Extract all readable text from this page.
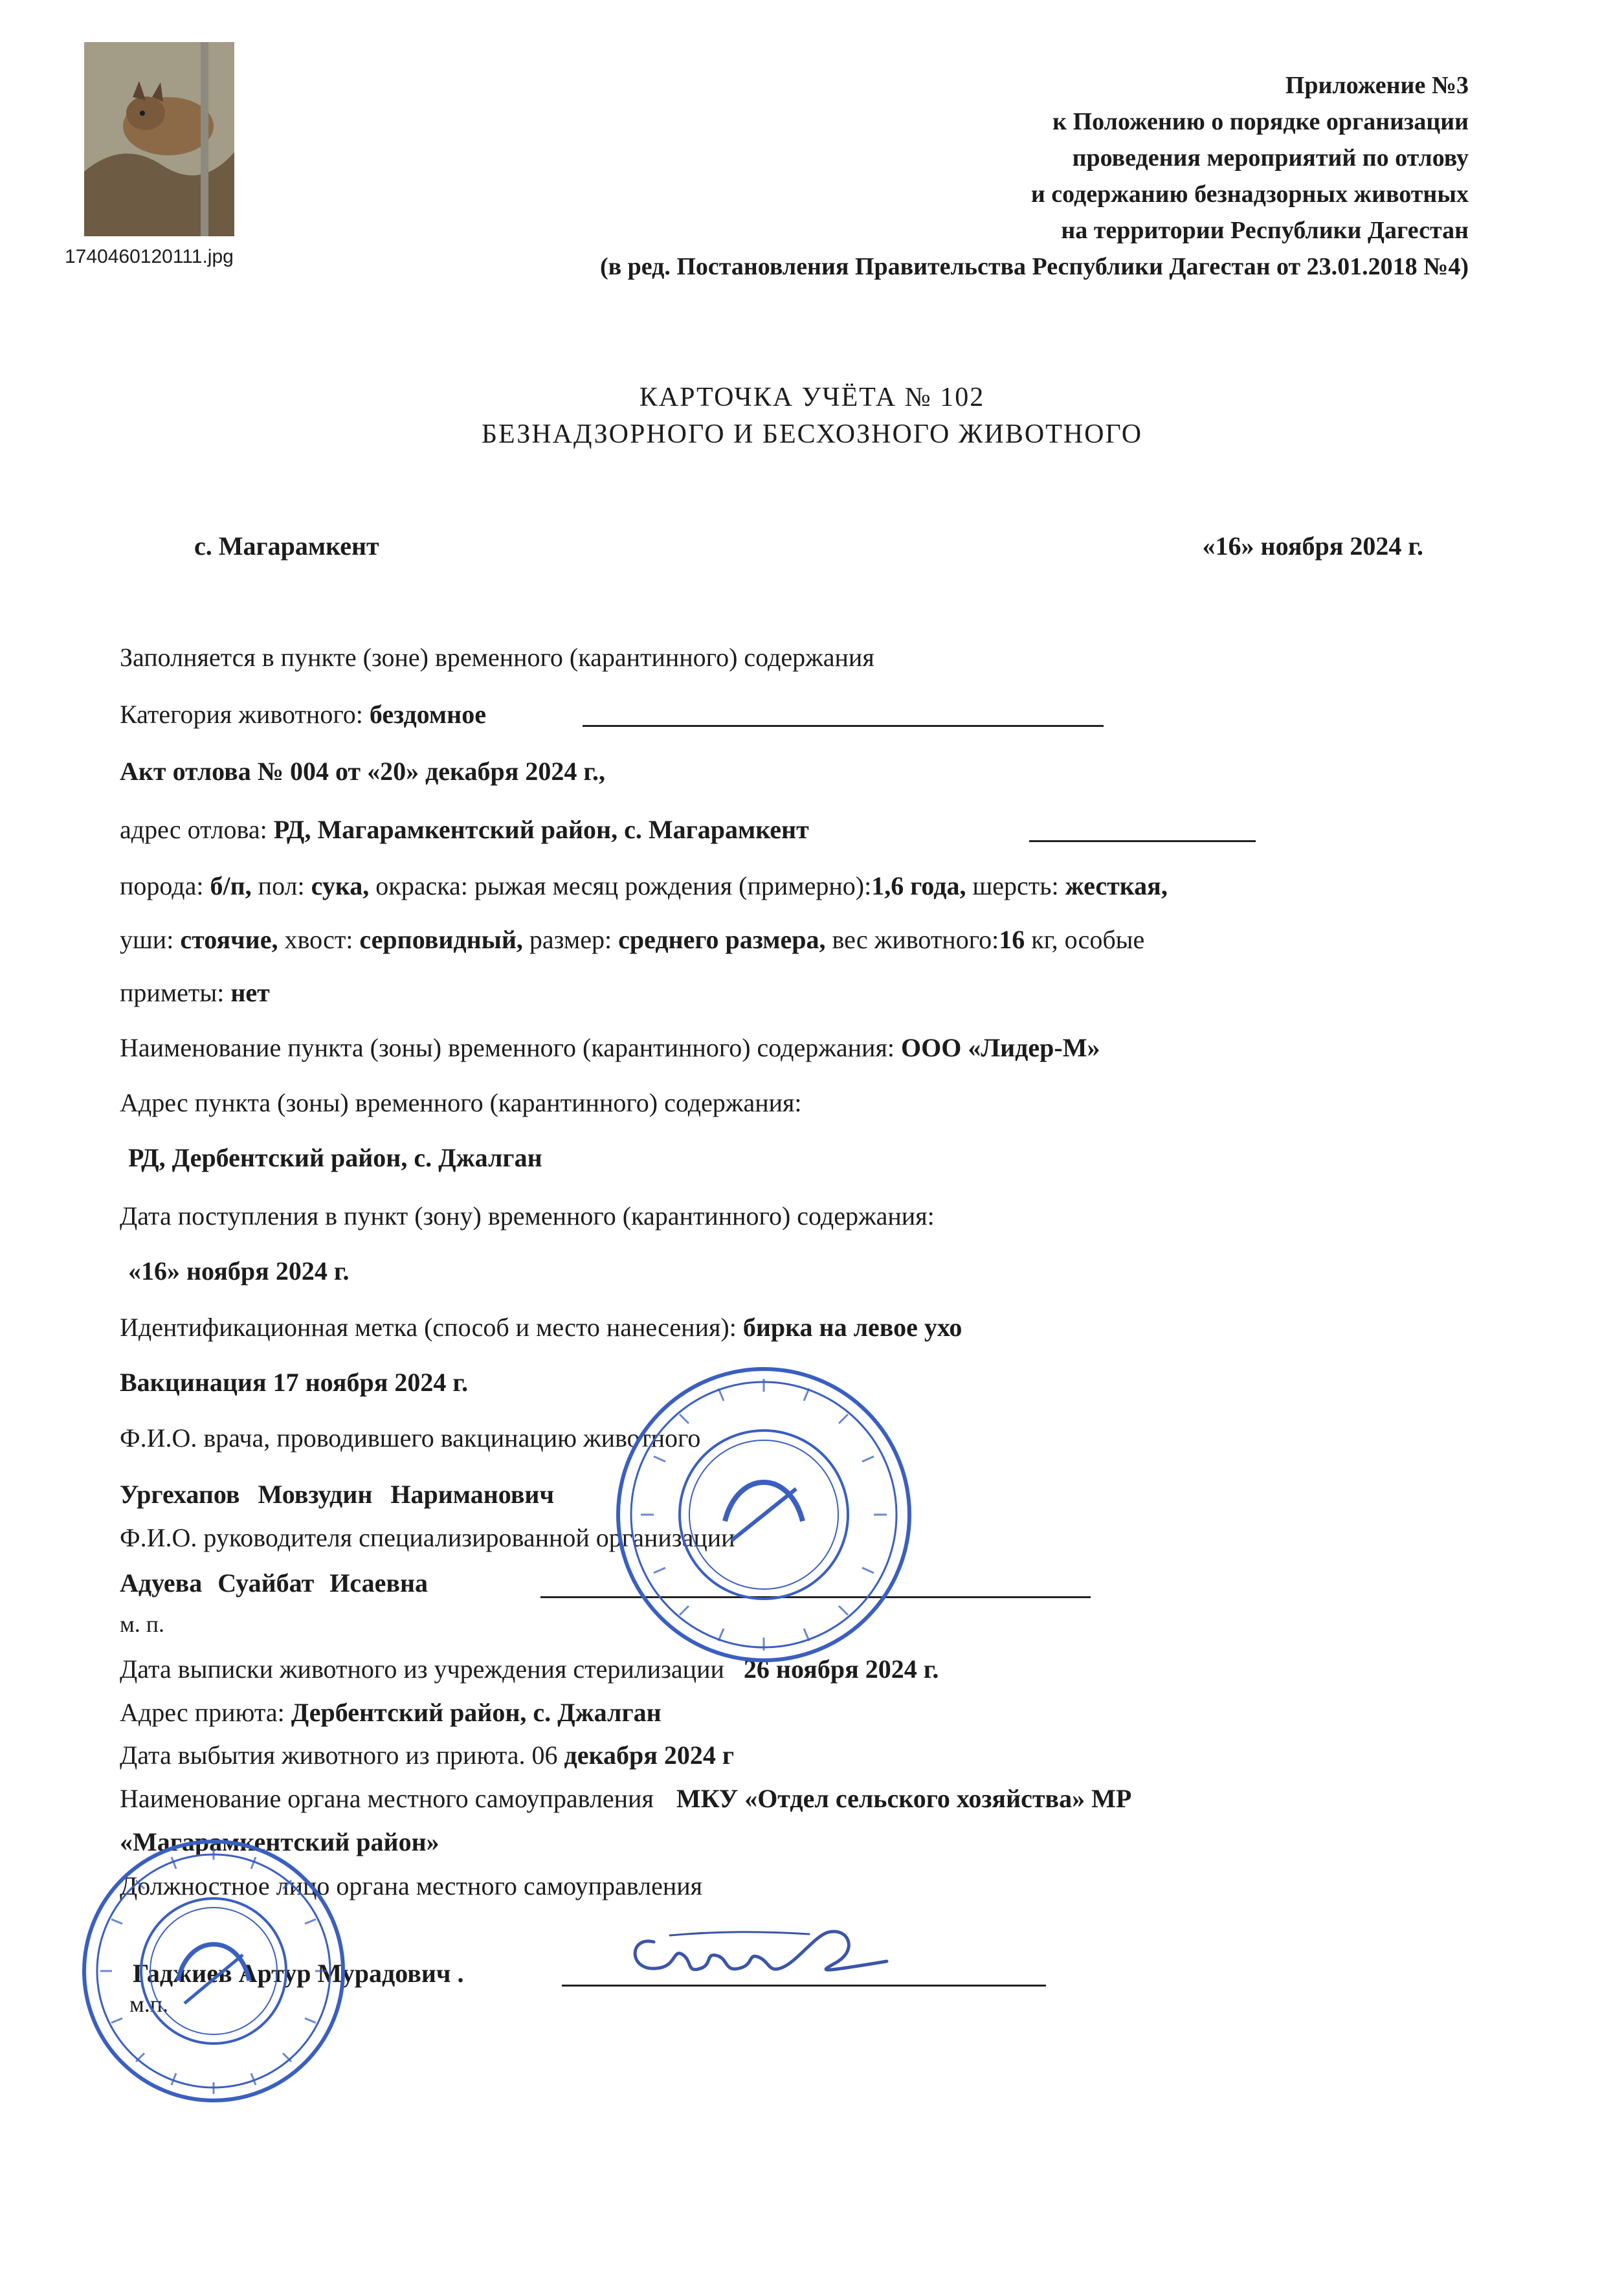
1740460120111.jpg
Приложение №3
к Положению о порядке организации
проведения мероприятий по отлову
и содержанию безнадзорных животных
на территории Республики Дагестан
(в ред. Постановления Правительства Республики Дагестан от 23.01.2018 №4)
КАРТОЧКА УЧЁТА № 102
БЕЗНАДЗОРНОГО И БЕСХОЗНОГО ЖИВОТНОГО
с. Магарамкент	«16» ноября 2024 г.
Заполняется в пункте (зоне) временного (карантинного) содержания
Категория животного: бездомное
Акт отлова № 004 от «20» декабря 2024 г.,
адрес отлова: РД, Магарамкентский район, с. Магарамкент
порода: б/п, пол: сука, окраска: рыжая месяц рождения (примерно):1,6 года, шерсть: жесткая,
уши: стоячие, хвост: серповидный, размер: среднего размера, вес животного:16 кг, особые
приметы: нет
Наименование пункта (зоны) временного (карантинного) содержания: ООО «Лидер-М»
Адрес пункта (зоны) временного (карантинного) содержания:
РД, Дербентский район, с. Джалган
Дата поступления в пункт (зону) временного (карантинного) содержания:
«16» ноября 2024 г.
Идентификационная метка (способ и место нанесения): бирка на левое ухо
Вакцинация 17 ноября 2024 г.
Ф.И.О. врача, проводившего вакцинацию животного
Ургехапов Мовзудин Нариманович
Ф.И.О. руководителя специализированной организации
Адуева Суайбат Исаевна
м. п.
Дата выписки животного из учреждения стерилизации 26 ноября 2024 г.
Адрес приюта: Дербентский район, с. Джалган
Дата выбытия животного из приюта. 06 декабря 2024 г
Наименование органа местного самоуправления МКУ «Отдел сельского хозяйства» МР
«Магарамкентский район»
Должностное лицо органа местного самоуправления
Гаджиев Артур Мурадович .
м.п.
